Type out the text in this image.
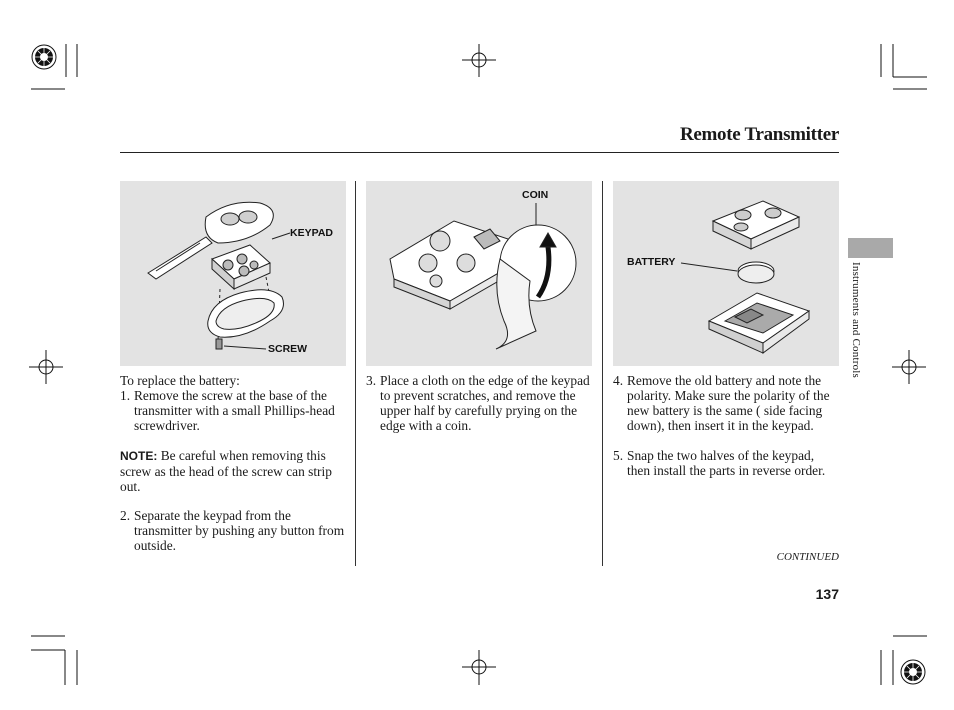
Remote Transmitter
KEYPAD
SCREW
COIN
BATTERY

To replace the battery:

1. Remove the screw at the base of the transmitter with a small Phillips-head screwdriver.

NOTE: Be careful when removing this screw as the head of the screw can strip out.

2. Separate the keypad from the transmitter by pushing any button from outside.
3. Place a cloth on the edge of the keypad to prevent scratches, and remove the upper half by carefully prying on the edge with a coin.
4. Remove the old battery and note the polarity. Make sure the polarity of the new battery is the same ( side facing down), then insert it in the keypad.
5. Snap the two halves of the keypad, then install the parts in reverse order.
Instruments and Controls
CONTINUED
137
